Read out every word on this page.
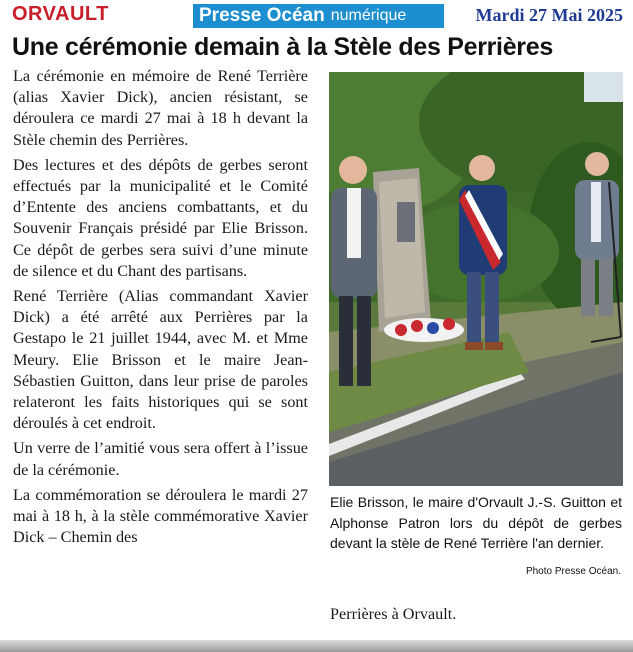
ORVAULT	Presse Océan numérique	Mardi 27 Mai 2025
Une cérémonie demain à la Stèle des Perrières

La cérémonie en mémoire de René Terrière (alias Xavier Dick), ancien résistant, se déroulera ce mardi 27 mai à 18 h devant la Stèle chemin des Perrières.

Des lectures et des dépôts de gerbes seront effectués par la municipalité et le Comité d’Entente des anciens combattants, et du Souvenir Français présidé par Elie Brisson. Ce dépôt de gerbes sera suivi d’une minute de silence et du Chant des partisans.

René Terrière (Alias commandant Xavier Dick) a été arrêté aux Perrières par la Gestapo le 21 juillet 1944, avec M. et Mme Meury. Elie Brisson et le maire Jean-Sébastien Guitton, dans leur prise de paroles relateront les faits historiques qui se sont déroulés à cet endroit.

Un verre de l’amitié vous sera offert à l’issue de la cérémonie.

La commémoration se déroulera le mardi 27 mai à 18 h, à la stèle commémorative Xavier Dick – Chemin des

Elie Brisson, le maire d'Orvault J.-S. Guitton et Alphonse Patron lors du dépôt de gerbes devant la stèle de René Terrière l'an dernier.
Photo Presse Océan.
Perrières à Orvault.
